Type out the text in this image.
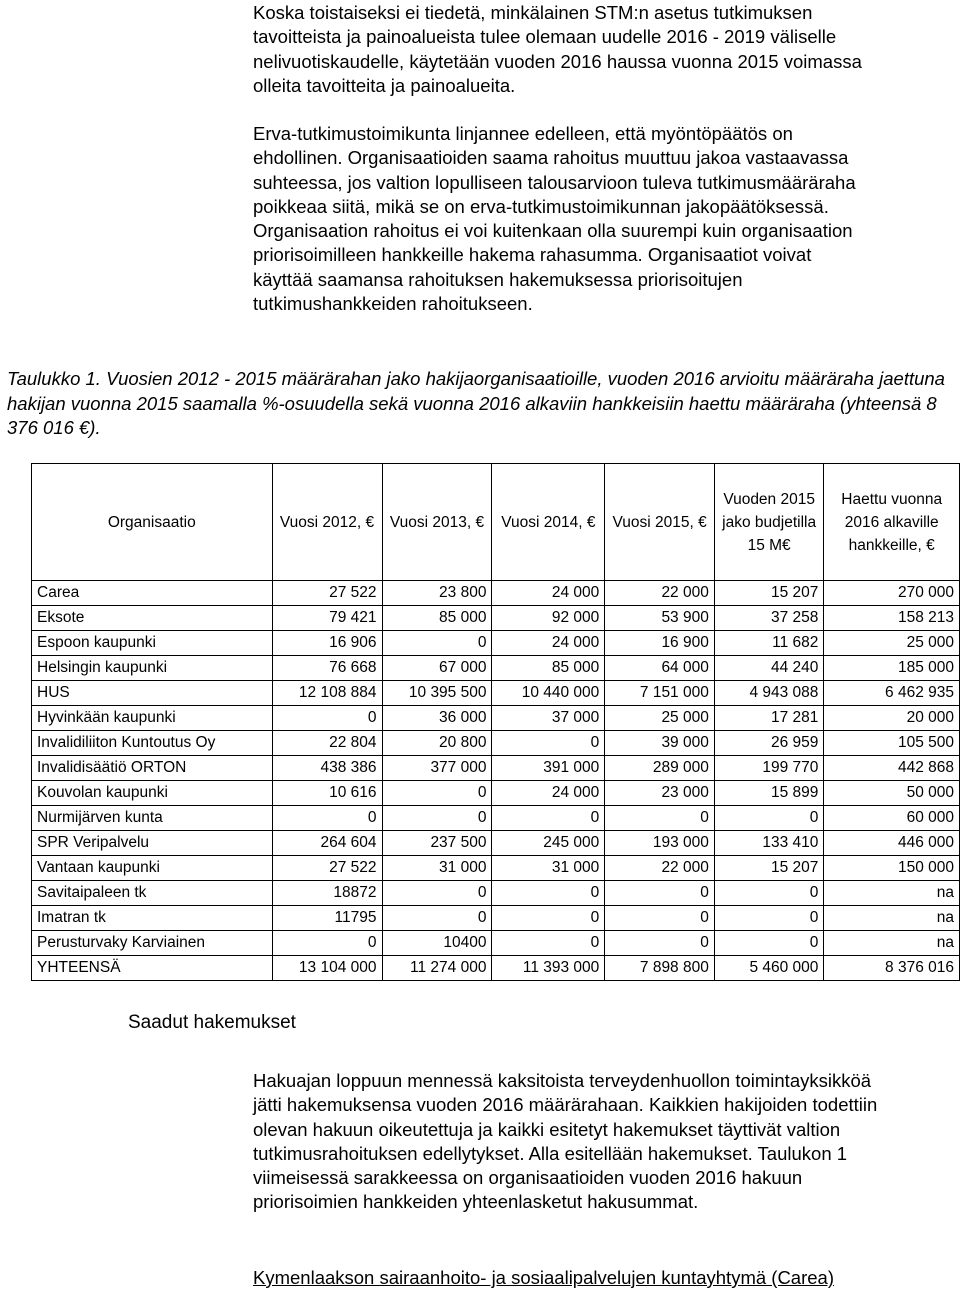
Koska toistaiseksi ei tiedetä, minkälainen STM:n asetus tutkimuksen tavoitteista ja painoalueista tulee olemaan uudelle 2016 - 2019 väliselle nelivuotiskaudelle, käytetään vuoden 2016 haussa vuonna 2015 voimassa olleita tavoitteita ja painoalueita.

Erva-tutkimustoimikunta linjannee edelleen, että myöntöpäätös on ehdollinen. Organisaatioiden saama rahoitus muuttuu jakoa vastaavassa suhteessa, jos valtion lopulliseen talousarvioon tuleva tutkimusmääräraha poikkeaa siitä, mikä se on erva-tutkimustoimikunnan jakopäätöksessä. Organisaation rahoitus ei voi kuitenkaan olla suurempi kuin organisaation priorisoimilleen hankkeille hakema rahasumma. Organisaatiot voivat käyttää saamansa rahoituksen hakemuksessa priorisoitujen tutkimushankkeiden rahoitukseen.

Taulukko 1. Vuosien 2012 - 2015 määrärahan jako hakijaorganisaatioille, vuoden 2016 arvioitu määräraha jaettuna hakijan vuonna 2015 saamalla %-osuudella sekä vuonna 2016 alkaviin hankkeisiin haettu määräraha (yhteensä 8 376 016 €).

Organisaatio	Vuosi 2012, €	Vuosi 2013, €	Vuosi 2014, €	Vuosi 2015, €	Vuoden 2015 jako budjetilla 15 M€	Haettu vuonna 2016 alkaville hankkeille, €
Carea	27 522	23 800	24 000	22 000	15 207	270 000
Eksote	79 421	85 000	92 000	53 900	37 258	158 213
Espoon kaupunki	16 906	0	24 000	16 900	11 682	25 000
Helsingin kaupunki	76 668	67 000	85 000	64 000	44 240	185 000
HUS	12 108 884	10 395 500	10 440 000	7 151 000	4 943 088	6 462 935
Hyvinkään kaupunki	0	36 000	37 000	25 000	17 281	20 000
Invalidiliiton Kuntoutus Oy	22 804	20 800	0	39 000	26 959	105 500
Invalidisäätiö ORTON	438 386	377 000	391 000	289 000	199 770	442 868
Kouvolan kaupunki	10 616	0	24 000	23 000	15 899	50 000
Nurmijärven kunta	0	0	0	0	0	60 000
SPR Veripalvelu	264 604	237 500	245 000	193 000	133 410	446 000
Vantaan kaupunki	27 522	31 000	31 000	22 000	15 207	150 000
Savitaipaleen tk	18872	0	0	0	0	na
Imatran tk	11795	0	0	0	0	na
Perusturvaky Karviainen	0	10400	0	0	0	na
YHTEENSÄ	13 104 000	11 274 000	11 393 000	7 898 800	5 460 000	8 376 016

Saadut hakemukset

Hakuajan loppuun mennessä kaksitoista terveydenhuollon toimintayksikköä jätti hakemuksensa vuoden 2016 määrärahaan. Kaikkien hakijoiden todettiin olevan hakuun oikeutettuja ja kaikki esitetyt hakemukset täyttivät valtion tutkimusrahoituksen edellytykset. Alla esitellään hakemukset. Taulukon 1 viimeisessä sarakkeessa on organisaatioiden vuoden 2016 hakuun priorisoimien hankkeiden yhteenlasketut hakusummat.

Kymenlaakson sairaanhoito- ja sosiaalipalvelujen kuntayhtymä (Carea)
